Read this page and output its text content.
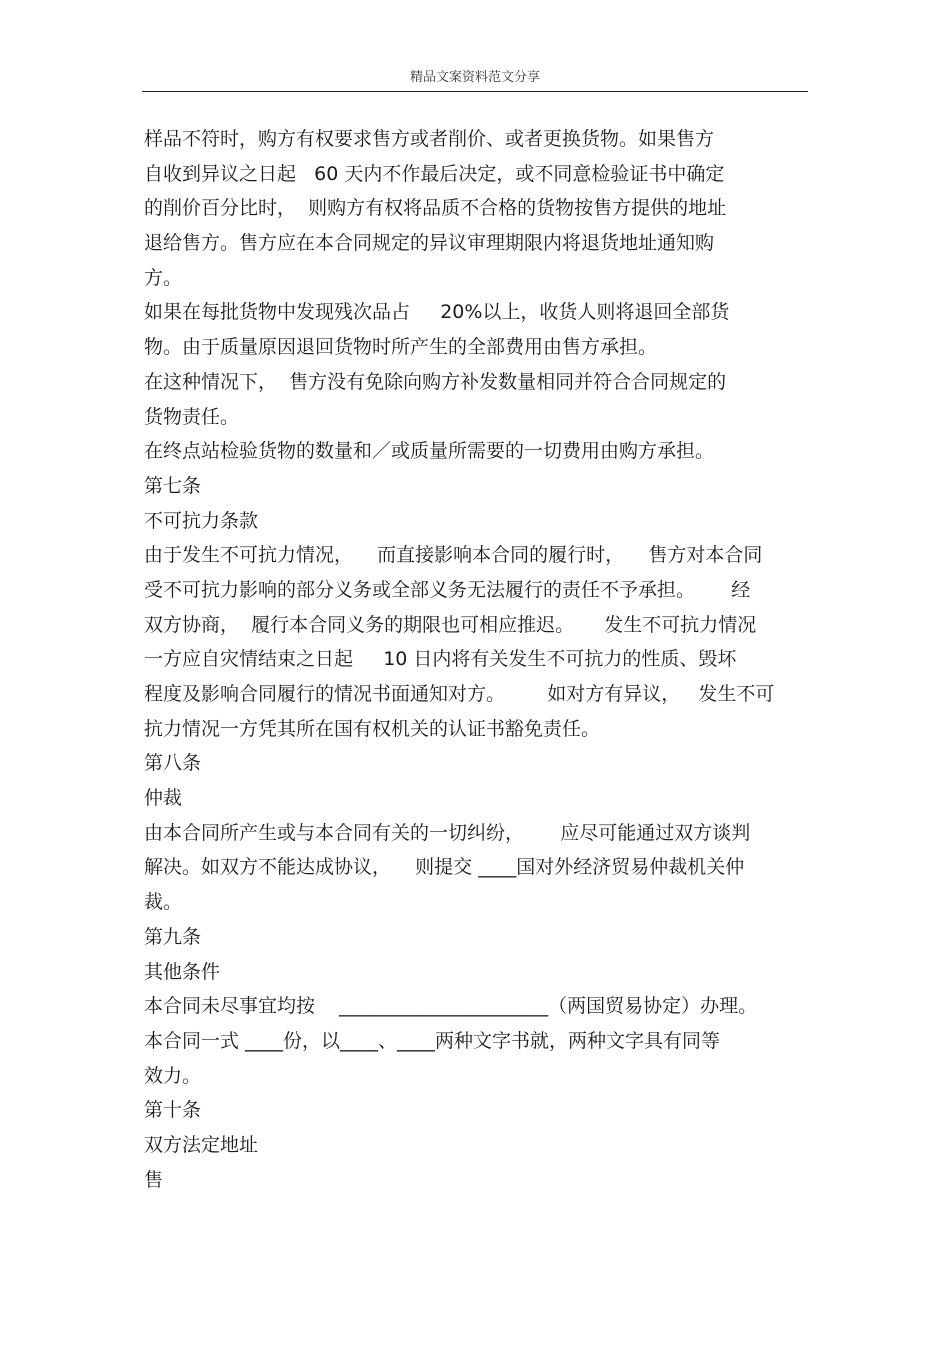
精品文案资料范文分享
样品不符时，购方有权要求售方或者削价、或者更换货物。如果售方
自收到异议之日起   60 天内不作最后决定，或不同意检验证书中确定
的削价百分比时，  则购方有权将品质不合格的货物按售方提供的地址
退给售方。售方应在本合同规定的异议审理期限内将退货地址通知购
方。
如果在每批货物中发现残次品占     20%以上，收货人则将退回全部货
物。由于质量原因退回货物时所产生的全部费用由售方承担。
在这种情况下，  售方没有免除向购方补发数量相同并符合合同规定的
货物责任。
在终点站检验货物的数量和／或质量所需要的一切费用由购方承担。
第七条
不可抗力条款
由于发生不可抗力情况，    而直接影响本合同的履行时，    售方对本合同
受不可抗力影响的部分义务或全部义务无法履行的责任不予承担。      经
双方协商，  履行本合同义务的期限也可相应推迟。     发生不可抗力情况
一方应自灾情结束之日起     10 日内将有关发生不可抗力的性质、毁坏
程度及影响合同履行的情况书面通知对方。       如对方有异议，   发生不可
抗力情况一方凭其所在国有权机关的认证书豁免责任。
第八条
仲裁
由本合同所产生或与本合同有关的一切纠纷，      应尽可能通过双方谈判
解决。如双方不能达成协议，    则提交 ____国对外经济贸易仲裁机关仲
裁。
第九条
其他条件
本合同未尽事宜均按    ______________________（两国贸易协定）办理。
本合同一式 ____份，以____、____两种文字书就，两种文字具有同等
效力。
第十条
双方法定地址
售
